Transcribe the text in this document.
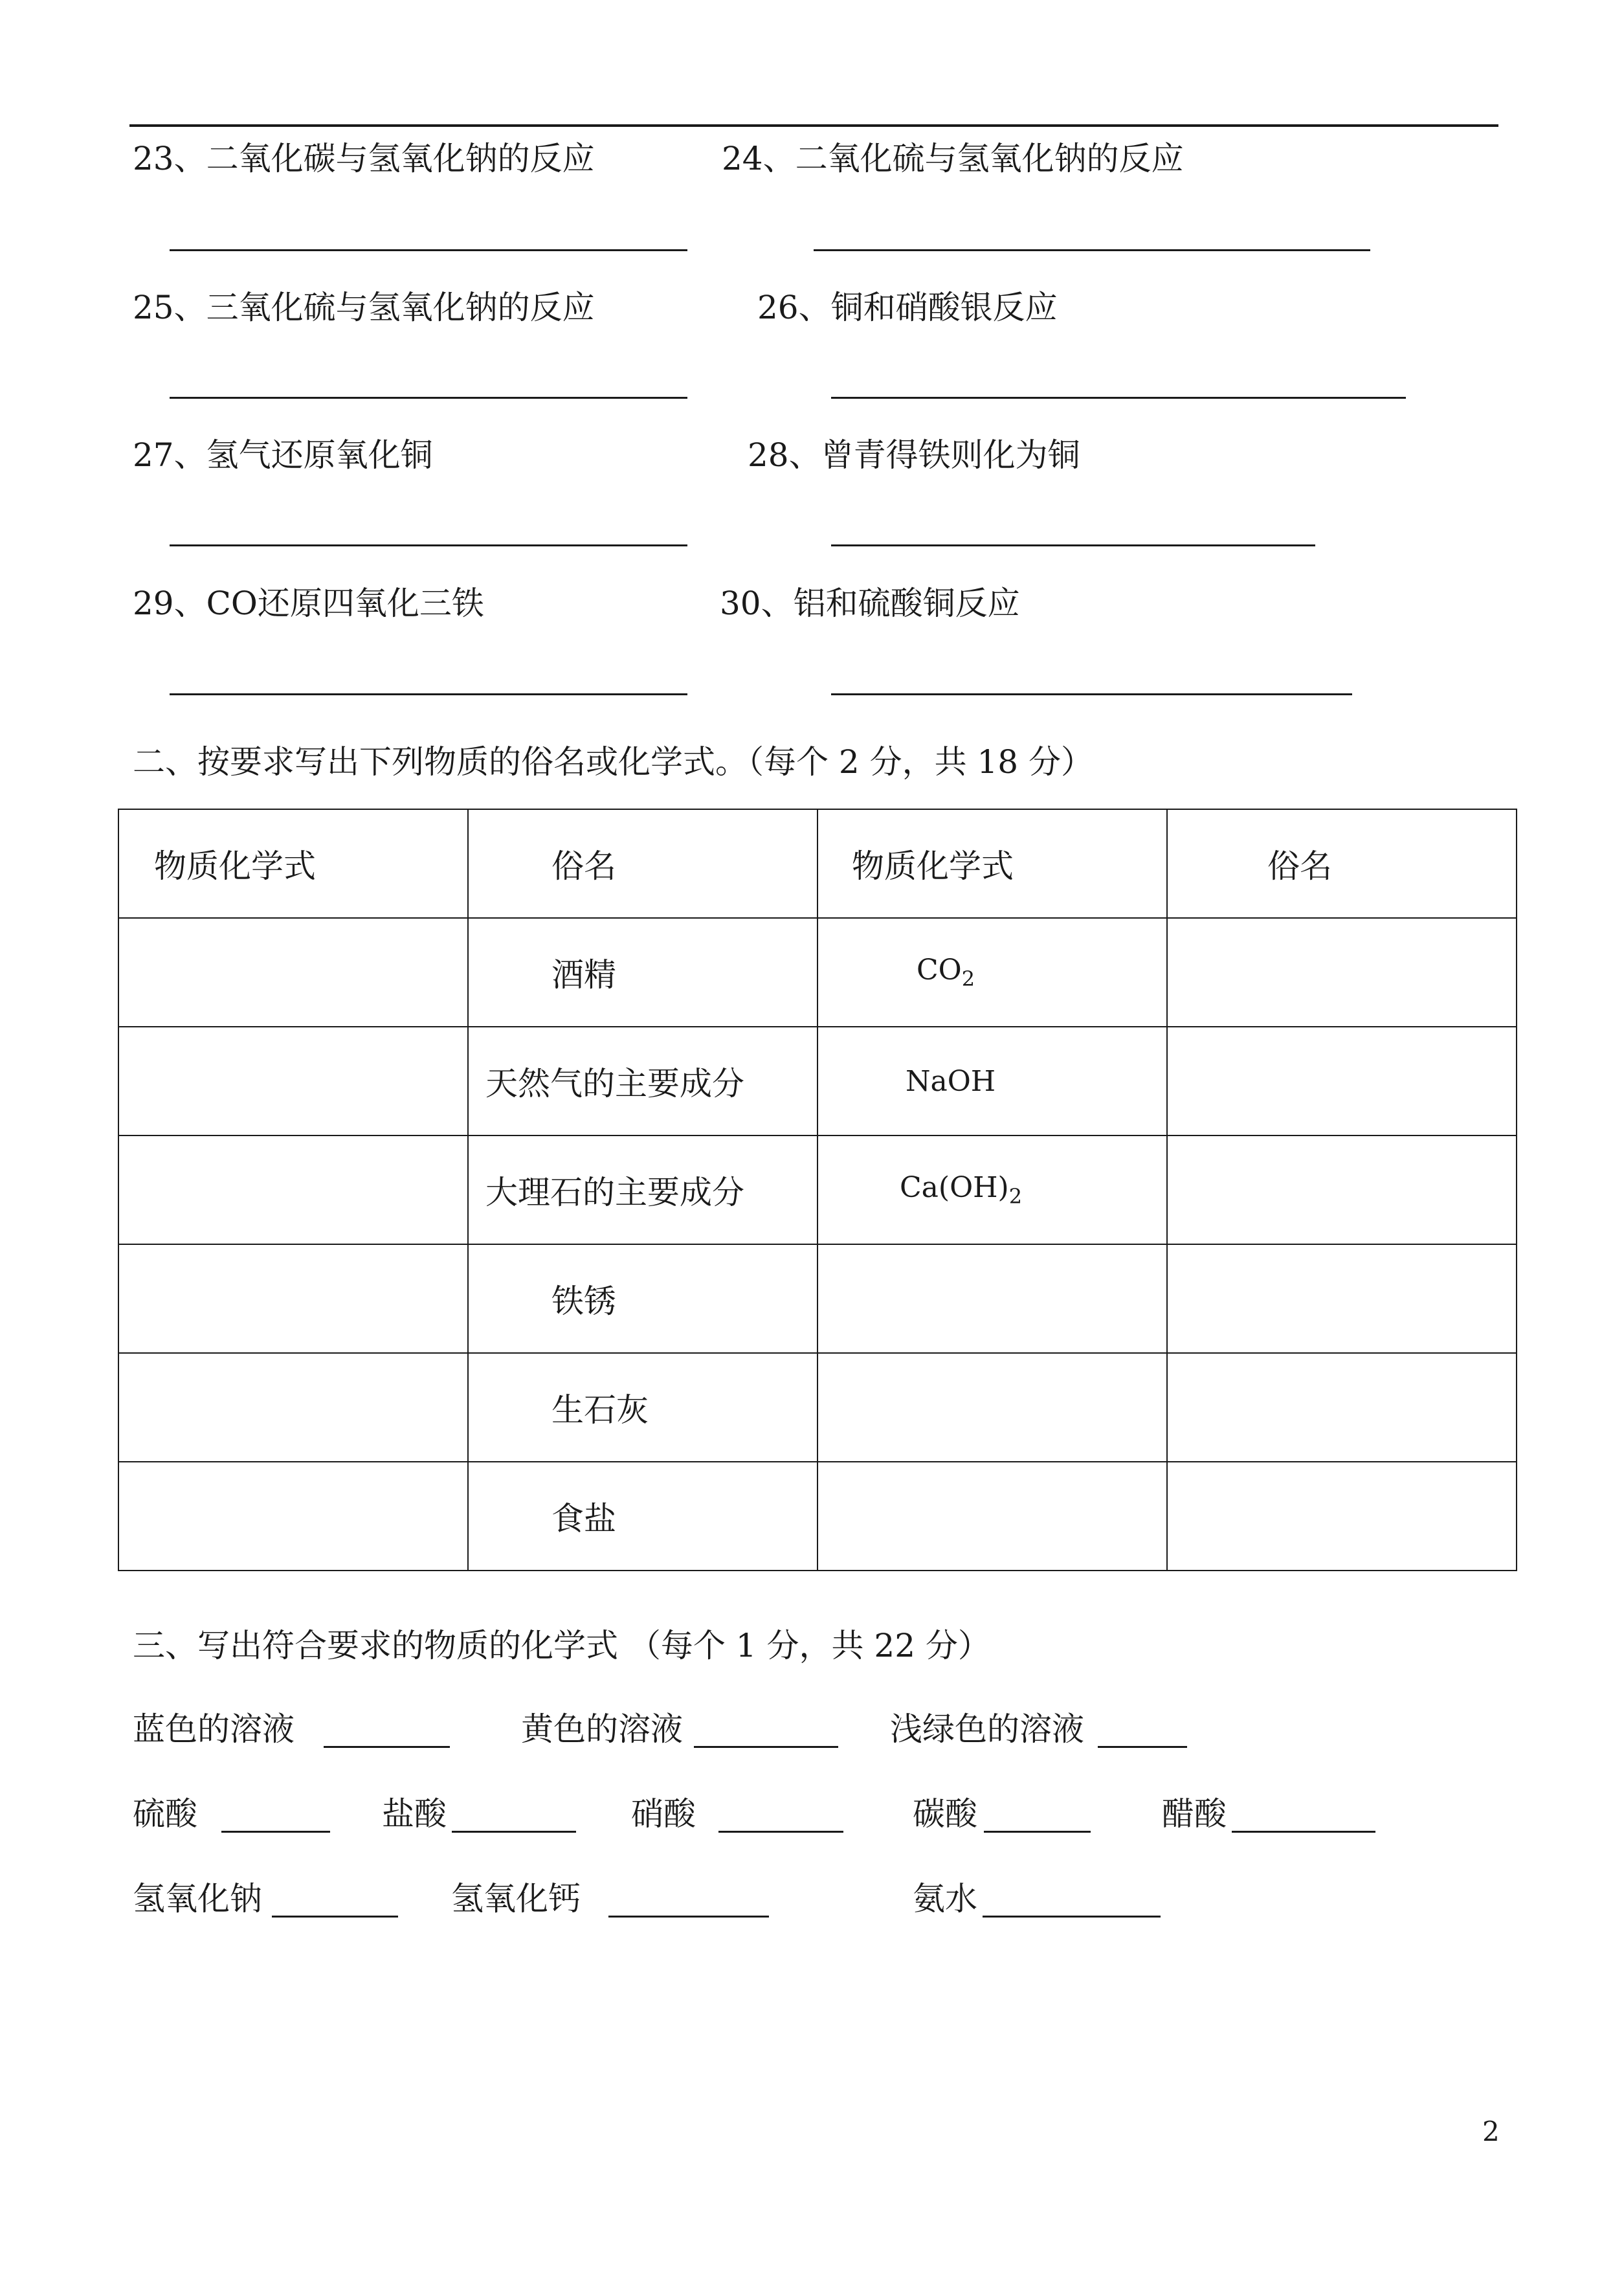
23、二氧化碳与氢氧化钠的反应	24、二氧化硫与氢氧化钠的反应
25、三氧化硫与氢氧化钠的反应	26、铜和硝酸银反应
27、氢气还原氧化铜	28、曾青得铁则化为铜
29、CO还原四氧化三铁	30、铝和硫酸铜反应
二、按要求写出下列物质的俗名或化学式。（每个 2 分，共 18 分）
物质化学式	俗名	物质化学式	俗名

	酒精	$CO_2$

	天然气的主要成分	NaOH	

	大理石的主要成分	$Ca(OH)_2$

	铁锈		

	生石灰		

	食盐		

三、写出符合要求的物质的化学式 （每个 1 分，共 22 分）
蓝色的溶液	黄色的溶液	浅绿色的溶液
硫酸	盐酸	硝酸	碳酸	醋酸
氢氧化钠	氢氧化钙	氨水
2
